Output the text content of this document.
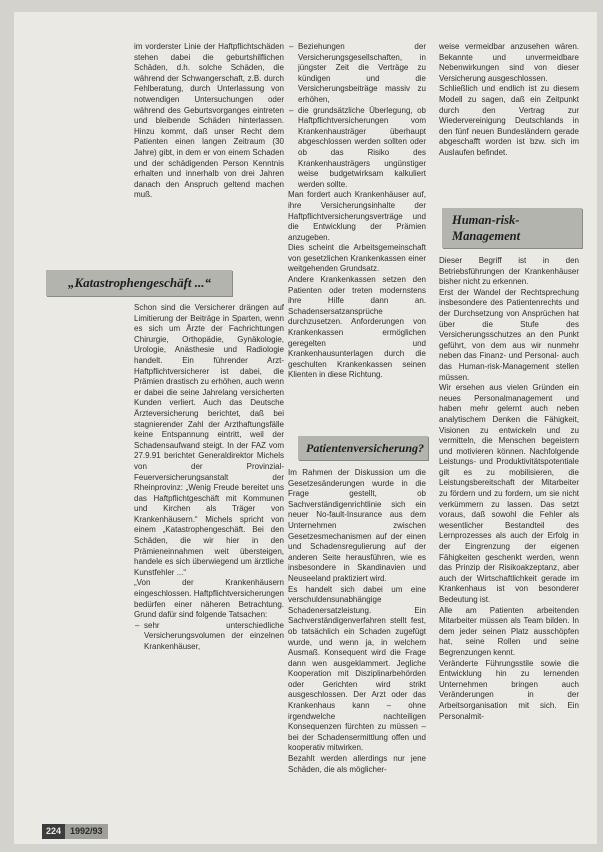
im vorderster Linie der Haftpflichtschäden stehen dabei die geburtshilflichen Schäden, d.h. solche Schäden, die während der Schwangerschaft, z.B. durch Fehlberatung, durch Unterlassung von notwendigen Untersuchungen oder während des Geburtsvorganges eintreten und bleibende Schäden hinterlassen. Hinzu kommt, daß unser Recht dem Patienten einen langen Zeitraum (30 Jahre) gibt, in dem er von einem Schaden und der schädigenden Person Kenntnis erhalten und innerhalb von drei Jahren danach den Anspruch geltend machen muß.

„Katastrophengeschäft ...“

Schon sind die Versicherer drängen auf Limitierung der Beiträge in Sparten, wenn es sich um Ärzte der Fachrichtungen Chirurgie, Orthopädie, Gynäkologie, Urologie, Anästhesie und Radiologie handelt. Ein führender Arzt-Haftpflichtversicherer ist dabei, die Prämien drastisch zu erhöhen, auch wenn er dabei die seine Jahrelang versicherten Kunden verliert. Auch das Deutsche Ärzteversicherung berichtet, daß bei stagnierender Zahl der Arzthaftungsfälle keine Entspannung eintritt, weil der Schadensaufwand steigt. In der FAZ vom 27.9.91 berichtet Generaldirektor Michels von der Provinzial-Feuerversicherungsanstalt der Rheinprovinz: „Wenig Freude bereitet uns das Haftpflichtgeschäft mit Kommunen und Kirchen als Träger von Krankenhäusern.“ Michels spricht von einem „Katastrophengeschäft. Bei den Schäden, die wir hier in den Prämieneinnahmen weit übersteigen, handele es sich überwiegend um ärztliche Kunstfehler ...“

„Von der Krankenhäusern eingeschlossen. Haftpflichtversicherungen bedürfen einer näheren Betrachtung. Grund dafür sind folgende Tatsachen:

– sehr unterschiedliche Versicherungsvolumen der einzelnen Krankenhäuser,
– Beziehungen der Versicherungsgesellschaften, in jüngster Zeit die Verträge zu kündigen und die Versicherungsbeiträge massiv zu erhöhen,
– die grundsätzliche Überlegung, ob Haftpflichtversicherungen vom Krankenhausträger überhaupt abgeschlossen werden sollten oder ob das Risiko des Krankenhausträgers ungünstiger weise budgetwirksam kalkuliert werden sollte.

Man fordert auch Krankenhäuser auf, ihre Versicherungsinhalte der Haftpflichtversicherungsverträge und die Entwicklung der Prämien anzugeben.

Dies scheint die Arbeitsgemeinschaft von gesetzlichen Krankenkassen einer weitgehenden Grundsatz.

Andere Krankenkassen setzen den Patienten oder treten modernstens ihre Hilfe dann an. Schadensersatzansprüche durchzusetzen. Anforderungen von Krankenkassen ermöglichen geregelten und Krankenhausunterlagen durch die geschulten Krankenkassen seinen Klienten in diese Richtung.

Patientenversicherung?

Im Rahmen der Diskussion um die Gesetzesänderungen wurde in die Frage gestellt, ob Sachverständigenrichtlinie sich ein neuer No-fault-Insurance aus dem Unternehmen zwischen Gesetzesmechanismen auf der einen und Schadensregulierung auf der anderen Seite herausführen, wie es insbesondere in Skandinavien und Neuseeland praktiziert wird.

Es handelt sich dabei um eine verschuldensunabhängige Schadenersatzleistung. Ein Sachverständigenverfahren stellt fest, ob tatsächlich ein Schaden zugefügt wurde, und wenn ja, in welchem Ausmaß. Konsequent wird die Frage dann wen ausgeklammert. Jegliche Kooperation mit Disziplinarbehörden oder Gerichten wird strikt ausgeschlossen. Der Arzt oder das Krankenhaus kann – ohne irgendwelche nachteiligen Konsequenzen fürchten zu müssen – bei der Schadensermittlung offen und kooperativ mitwirken.

Bezahlt werden allerdings nur jene Schäden, die als möglicher-

weise vermeidbar anzusehen wären. Bekannte und unvermeidbare Nebenwirkungen sind von dieser Versicherung ausgeschlossen.

Schließlich und endlich ist zu diesem Modell zu sagen, daß ein Zeitpunkt durch den Vertrag zur Wiedervereinigung Deutschlands in den fünf neuen Bundesländern gerade abgeschafft worden ist bzw. sich im Auslaufen befindet.

Human-risk-Management

Dieser Begriff ist in den Betriebsführungen der Krankenhäuser bisher nicht zu erkennen.

Erst der Wandel der Rechtsprechung insbesondere des Patientenrechts und der Durchsetzung von Ansprüchen hat über die Stufe des Versicherungsschutzes an den Punkt geführt, von dem aus wir nunmehr neben das Finanz- und Personal- auch das Human-risk-Management stellen müssen.

Wir ersehen aus vielen Gründen ein neues Personalmanagement und haben mehr gelernt auch neben analytischem Denken die Fähigkeit, Visionen zu entwickeln und zu vermitteln, die Menschen begeistern und motivieren können. Nachfolgende Leistungs- und Produktivitätspotentiale gilt es zu mobilisieren, die Leistungsbereitschaft der Mitarbeiter zu fördern und zu fordern, um sie nicht verkümmern zu lassen. Das setzt voraus, daß sowohl die Fehler als wesentlicher Bestandteil des Lernprozesses als auch der Erfolg in der Eingrenzung der eigenen Fähigkeiten geschenkt werden, wenn das Prinzip der Risikoakzeptanz, aber auch der Wirtschaftlichkeit gerade im Krankenhaus ist von besonderer Bedeutung ist.

Alle am Patienten arbeitenden Mitarbeiter müssen als Team bilden. In dem jeder seinen Platz ausschöpfen hat, seine Rollen und seine Begrenzungen kennt.

Veränderte Führungsstile sowie die Entwicklung hin zu lernenden Unternehmen bringen auch Veränderungen in der Arbeitsorganisation mit sich. Ein Personalmit-

224	1992/93
